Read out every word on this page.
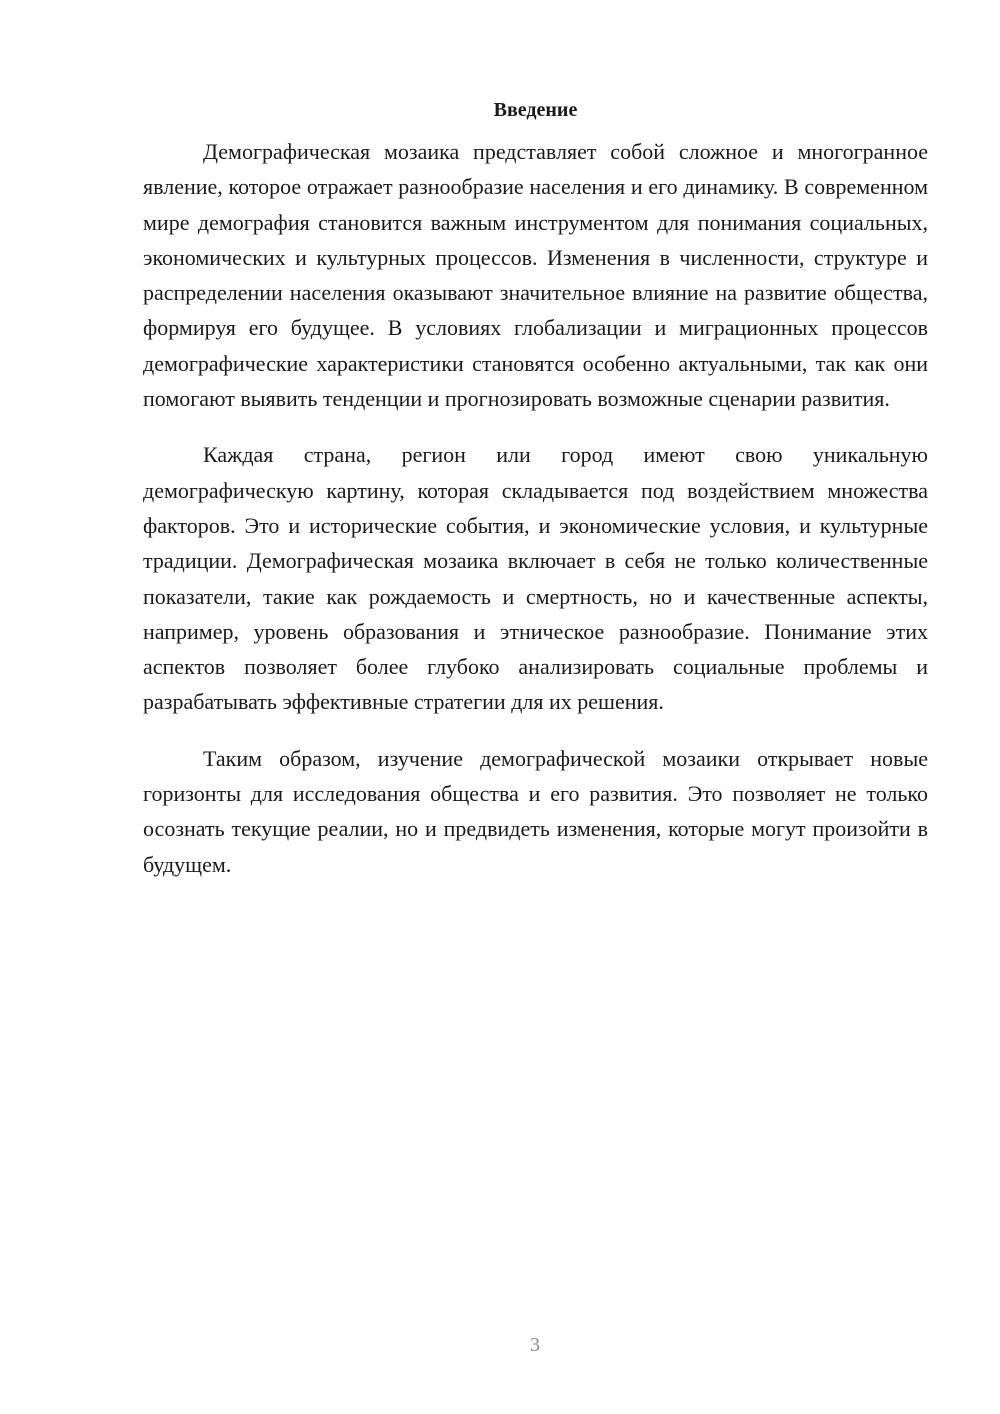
Введение

Демографическая мозаика представляет собой сложное и многогранное явление, которое отражает разнообразие населения и его динамику. В современном мире демография становится важным инструментом для понимания социальных, экономических и культурных процессов. Изменения в численности, структуре и распределении населения оказывают значительное влияние на развитие общества, формируя его будущее. В условиях глобализации и миграционных процессов демографические характеристики становятся особенно актуальными, так как они помогают выявить тенденции и прогнозировать возможные сценарии развития.

Каждая страна, регион или город имеют свою уникальную демографическую картину, которая складывается под воздействием множества факторов. Это и исторические события, и экономические условия, и культурные традиции. Демографическая мозаика включает в себя не только количественные показатели, такие как рождаемость и смертность, но и качественные аспекты, например, уровень образования и этническое разнообразие. Понимание этих аспектов позволяет более глубоко анализировать социальные проблемы и разрабатывать эффективные стратегии для их решения.

Таким образом, изучение демографической мозаики открывает новые горизонты для исследования общества и его развития. Это позволяет не только осознать текущие реалии, но и предвидеть изменения, которые могут произойти в будущем.

3
